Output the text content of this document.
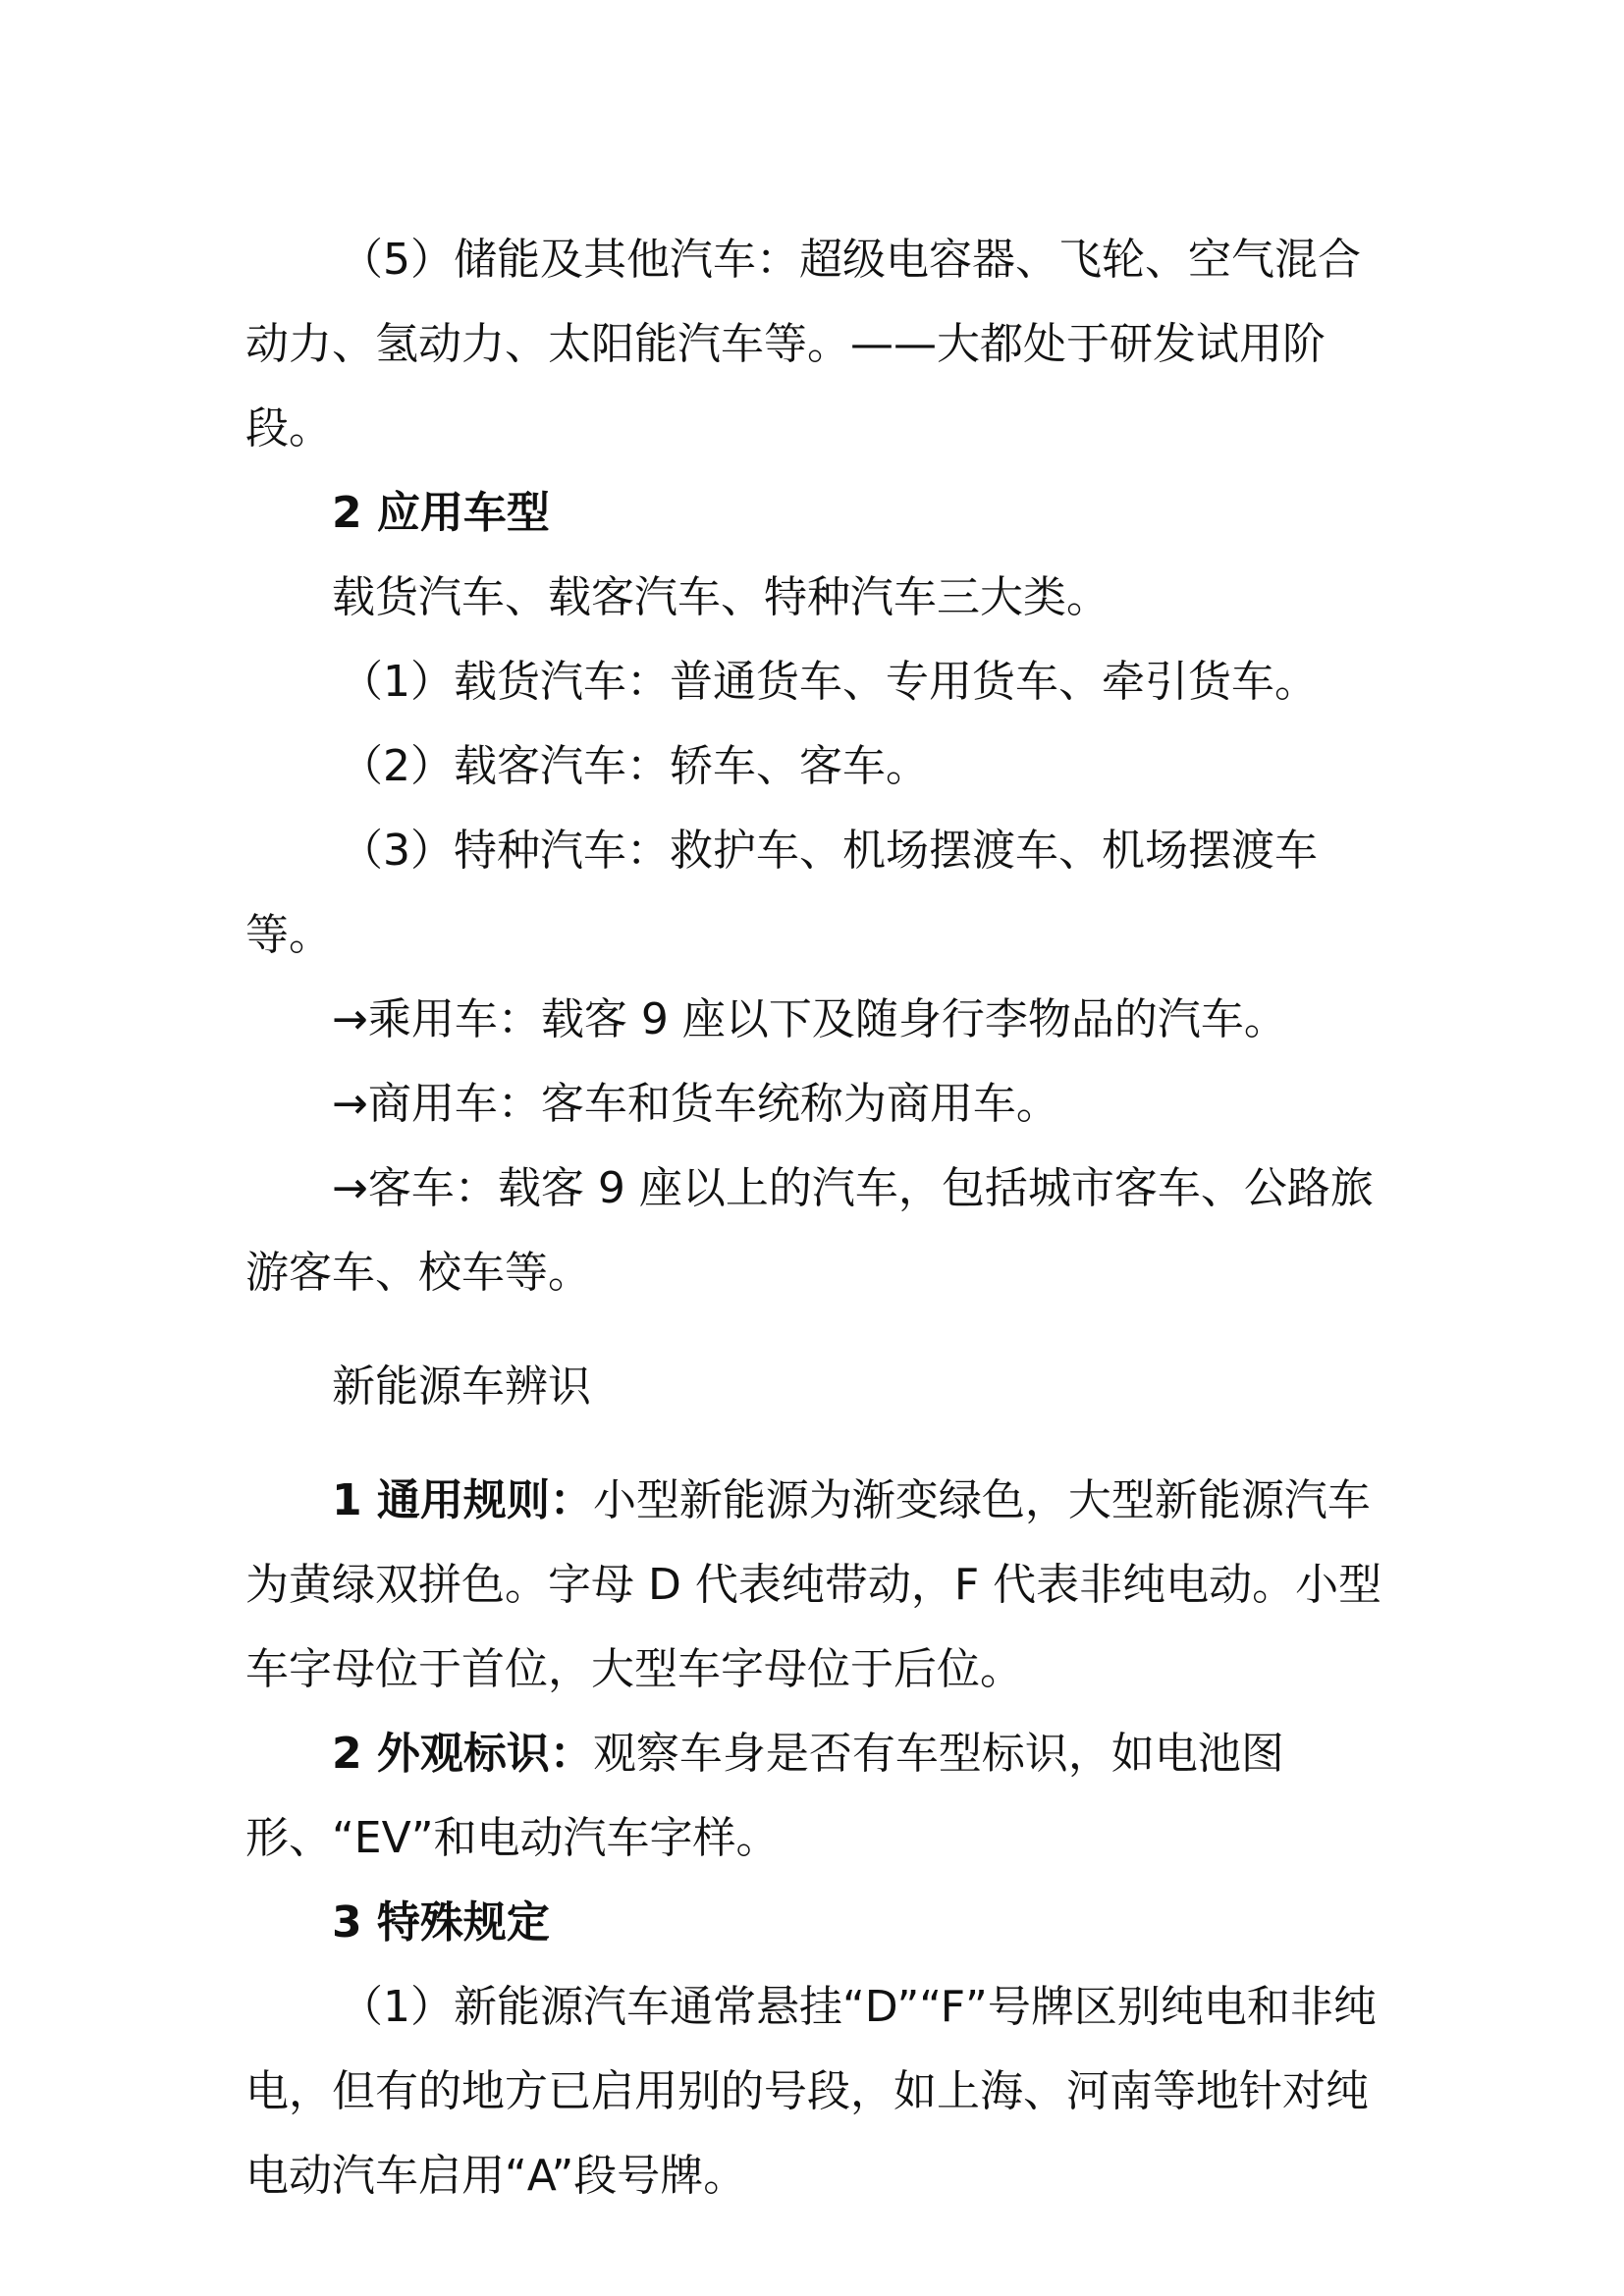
（5）储能及其他汽车：超级电容器、飞轮、空气混合动力、氢动力、太阳能汽车等。——大都处于研发试用阶段。

2 应用车型

载货汽车、载客汽车、特种汽车三大类。

（1）载货汽车：普通货车、专用货车、牵引货车。

（2）载客汽车：轿车、客车。

（3）特种汽车：救护车、机场摆渡车、机场摆渡车等。

→乘用车：载客 9 座以下及随身行李物品的汽车。

→商用车：客车和货车统称为商用车。

→客车：载客 9 座以上的汽车，包括城市客车、公路旅游客车、校车等。

新能源车辨识

1 通用规则：小型新能源为渐变绿色，大型新能源汽车为黄绿双拼色。字母 D 代表纯带动，F 代表非纯电动。小型车字母位于首位，大型车字母位于后位。

2 外观标识：观察车身是否有车型标识，如电池图形、“EV”和电动汽车字样。

3 特殊规定

（1）新能源汽车通常悬挂“D”“F”号牌区别纯电和非纯电，但有的地方已启用别的号段，如上海、河南等地针对纯电动汽车启用“A”段号牌。
